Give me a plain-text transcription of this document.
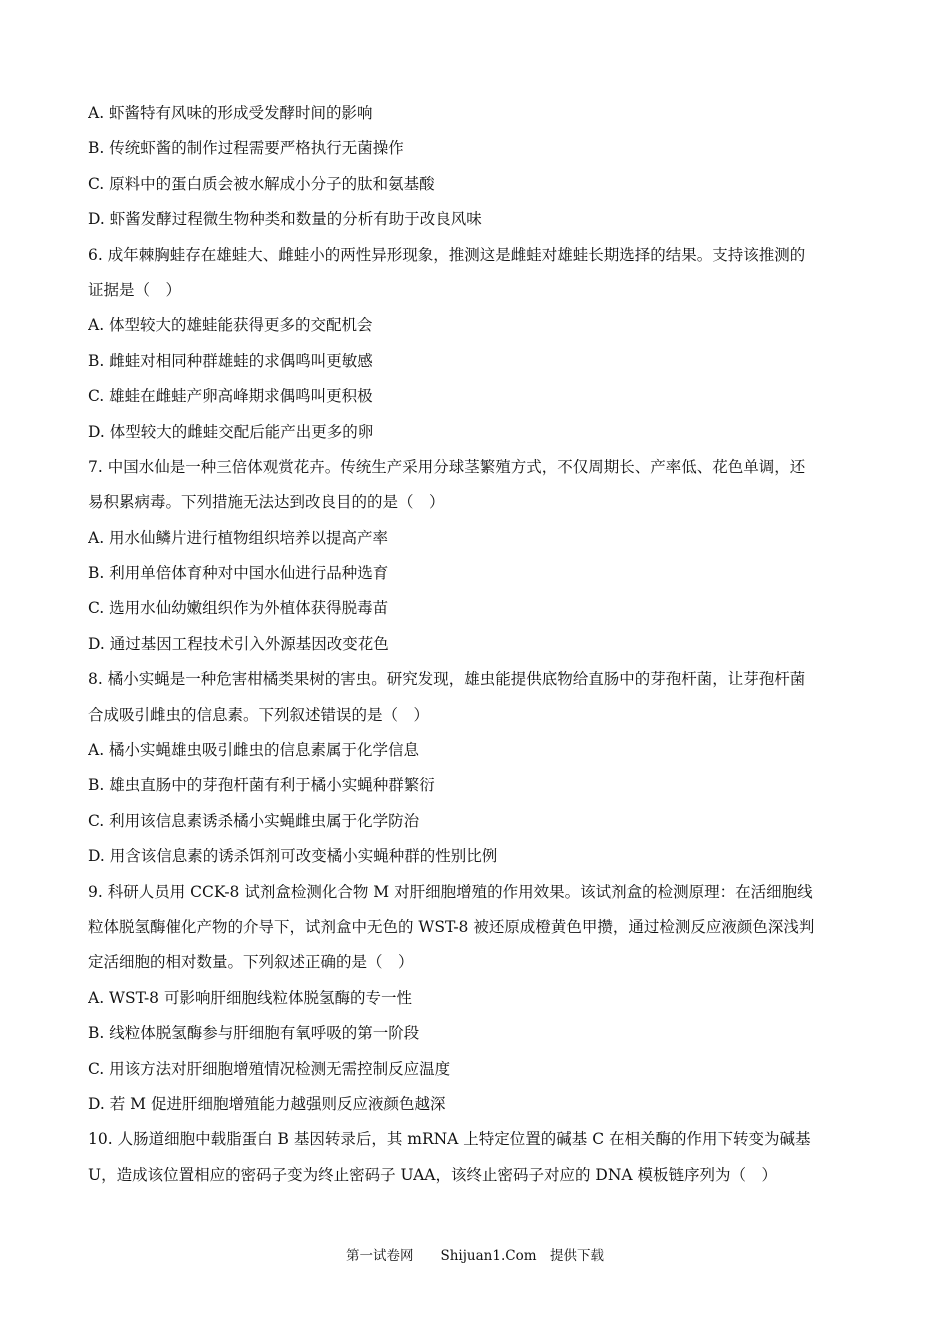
A. 虾酱特有风味的形成受发酵时间的影响
B. 传统虾酱的制作过程需要严格执行无菌操作
C. 原料中的蛋白质会被水解成小分子的肽和氨基酸
D. 虾酱发酵过程微生物种类和数量的分析有助于改良风味
6. 成年棘胸蛙存在雄蛙大、雌蛙小的两性异形现象，推测这是雌蛙对雄蛙长期选择的结果。支持该推测的
证据是（　）
A. 体型较大的雄蛙能获得更多的交配机会
B. 雌蛙对相同种群雄蛙的求偶鸣叫更敏感
C. 雄蛙在雌蛙产卵高峰期求偶鸣叫更积极
D. 体型较大的雌蛙交配后能产出更多的卵
7. 中国水仙是一种三倍体观赏花卉。传统生产采用分球茎繁殖方式，不仅周期长、产率低、花色单调，还
易积累病毒。下列措施无法达到改良目的的是（　）
A. 用水仙鳞片进行植物组织培养以提高产率
B. 利用单倍体育种对中国水仙进行品种选育
C. 选用水仙幼嫩组织作为外植体获得脱毒苗
D. 通过基因工程技术引入外源基因改变花色
8. 橘小实蝇是一种危害柑橘类果树的害虫。研究发现，雄虫能提供底物给直肠中的芽孢杆菌，让芽孢杆菌
合成吸引雌虫的信息素。下列叙述错误的是（　）
A. 橘小实蝇雄虫吸引雌虫的信息素属于化学信息
B. 雄虫直肠中的芽孢杆菌有利于橘小实蝇种群繁衍
C. 利用该信息素诱杀橘小实蝇雌虫属于化学防治
D. 用含该信息素的诱杀饵剂可改变橘小实蝇种群的性别比例
9. 科研人员用 CCK-8 试剂盒检测化合物 M 对肝细胞增殖的作用效果。该试剂盒的检测原理：在活细胞线
粒体脱氢酶催化产物的介导下，试剂盒中无色的 WST-8 被还原成橙黄色甲攒，通过检测反应液颜色深浅判
定活细胞的相对数量。下列叙述正确的是（　）
A. WST-8 可影响肝细胞线粒体脱氢酶的专一性
B. 线粒体脱氢酶参与肝细胞有氧呼吸的第一阶段
C. 用该方法对肝细胞增殖情况检测无需控制反应温度
D. 若 M 促进肝细胞增殖能力越强则反应液颜色越深
10. 人肠道细胞中载脂蛋白 B 基因转录后，其 mRNA 上特定位置的碱基 C 在相关酶的作用下转变为碱基
U，造成该位置相应的密码子变为终止密码子 UAA，该终止密码子对应的 DNA 模板链序列为（　）
第一试卷网　　Shijuan1.Com　提供下载
